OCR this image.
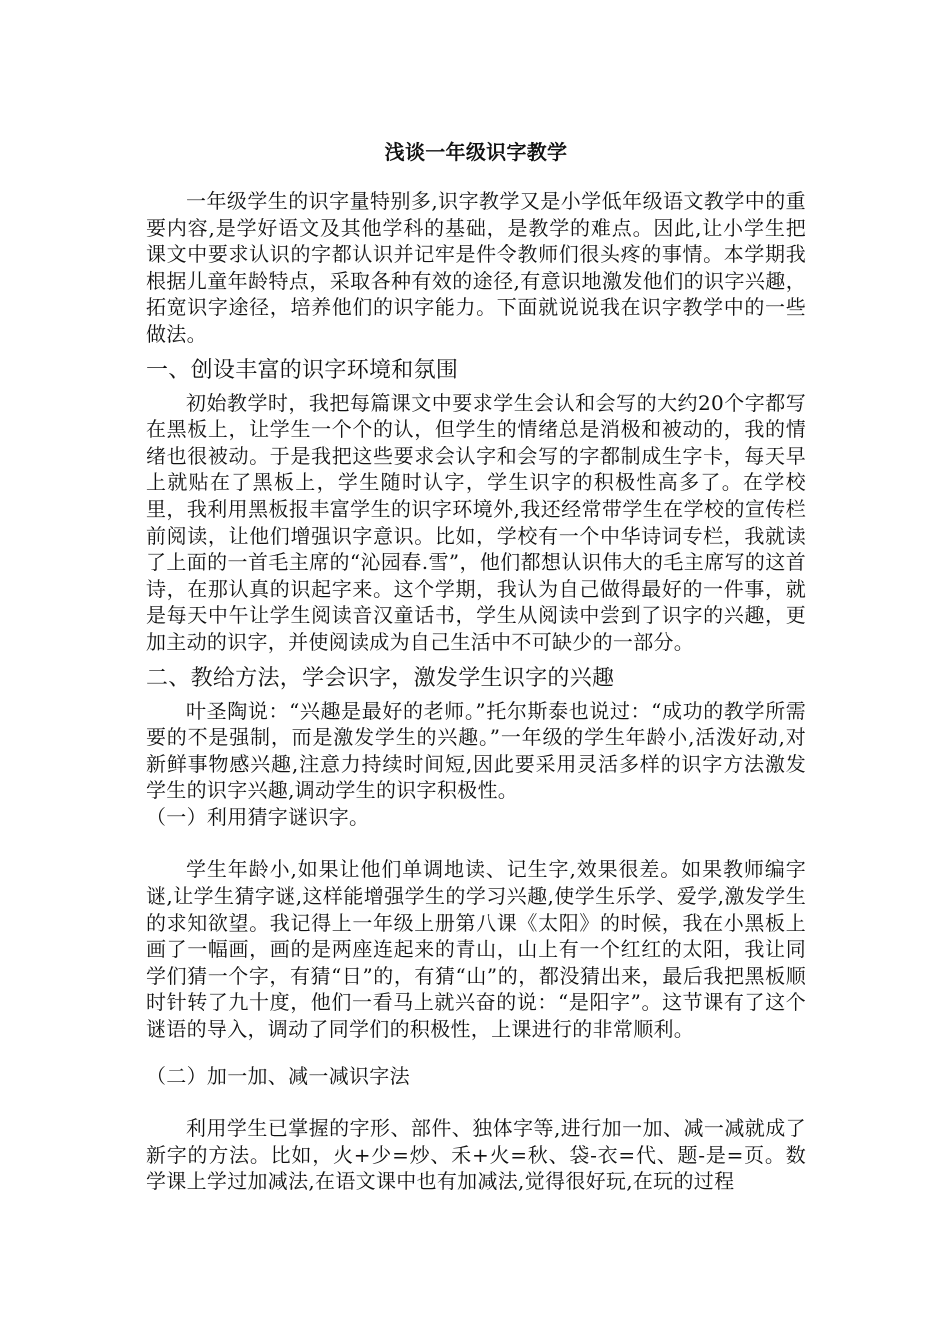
浅谈一年级识字教学

一年级学生的识字量特别多,识字教学又是小学低年级语文教学中的重要内容,是学好语文及其他学科的基础，是教学的难点。因此,让小学生把课文中要求认识的字都认识并记牢是件令教师们很头疼的事情。本学期我根据儿童年龄特点，采取各种有效的途径,有意识地激发他们的识字兴趣，拓宽识字途径，培养他们的识字能力。下面就说说我在识字教学中的一些做法。

一、创设丰富的识字环境和氛围

初始教学时，我把每篇课文中要求学生会认和会写的大约20个字都写在黑板上，让学生一个个的认，但学生的情绪总是消极和被动的，我的情绪也很被动。于是我把这些要求会认字和会写的字都制成生字卡，每天早上就贴在了黑板上，学生随时认字，学生识字的积极性高多了。在学校里，我利用黑板报丰富学生的识字环境外,我还经常带学生在学校的宣传栏前阅读，让他们增强识字意识。比如，学校有一个中华诗词专栏，我就读了上面的一首毛主席的“沁园春.雪”，他们都想认识伟大的毛主席写的这首诗，在那认真的识起字来。这个学期，我认为自己做得最好的一件事，就是每天中午让学生阅读音汉童话书，学生从阅读中尝到了识字的兴趣，更加主动的识字，并使阅读成为自己生活中不可缺少的一部分。

二、教给方法，学会识字，激发学生识字的兴趣

叶圣陶说：“兴趣是最好的老师。”托尔斯泰也说过：“成功的教学所需要的不是强制，而是激发学生的兴趣。”一年级的学生年龄小,活泼好动,对新鲜事物感兴趣,注意力持续时间短,因此要采用灵活多样的识字方法激发学生的识字兴趣,调动学生的识字积极性。

（一）利用猜字谜识字。

学生年龄小,如果让他们单调地读、记生字,效果很差。如果教师编字谜,让学生猜字谜,这样能增强学生的学习兴趣,使学生乐学、爱学,激发学生的求知欲望。我记得上一年级上册第八课《太阳》的时候，我在小黑板上画了一幅画，画的是两座连起来的青山，山上有一个红红的太阳，我让同学们猜一个字，有猜“日”的，有猜“山”的，都没猜出来，最后我把黑板顺时针转了九十度，他们一看马上就兴奋的说：“是阳字”。这节课有了这个谜语的导入，调动了同学们的积极性，上课进行的非常顺利。

（二）加一加、减一减识字法

利用学生已掌握的字形、部件、独体字等,进行加一加、减一减就成了新字的方法。比如，火+少=炒、禾+火=秋、袋-衣=代、题-是=页。数学课上学过加减法,在语文课中也有加减法,觉得很好玩,在玩的过程
